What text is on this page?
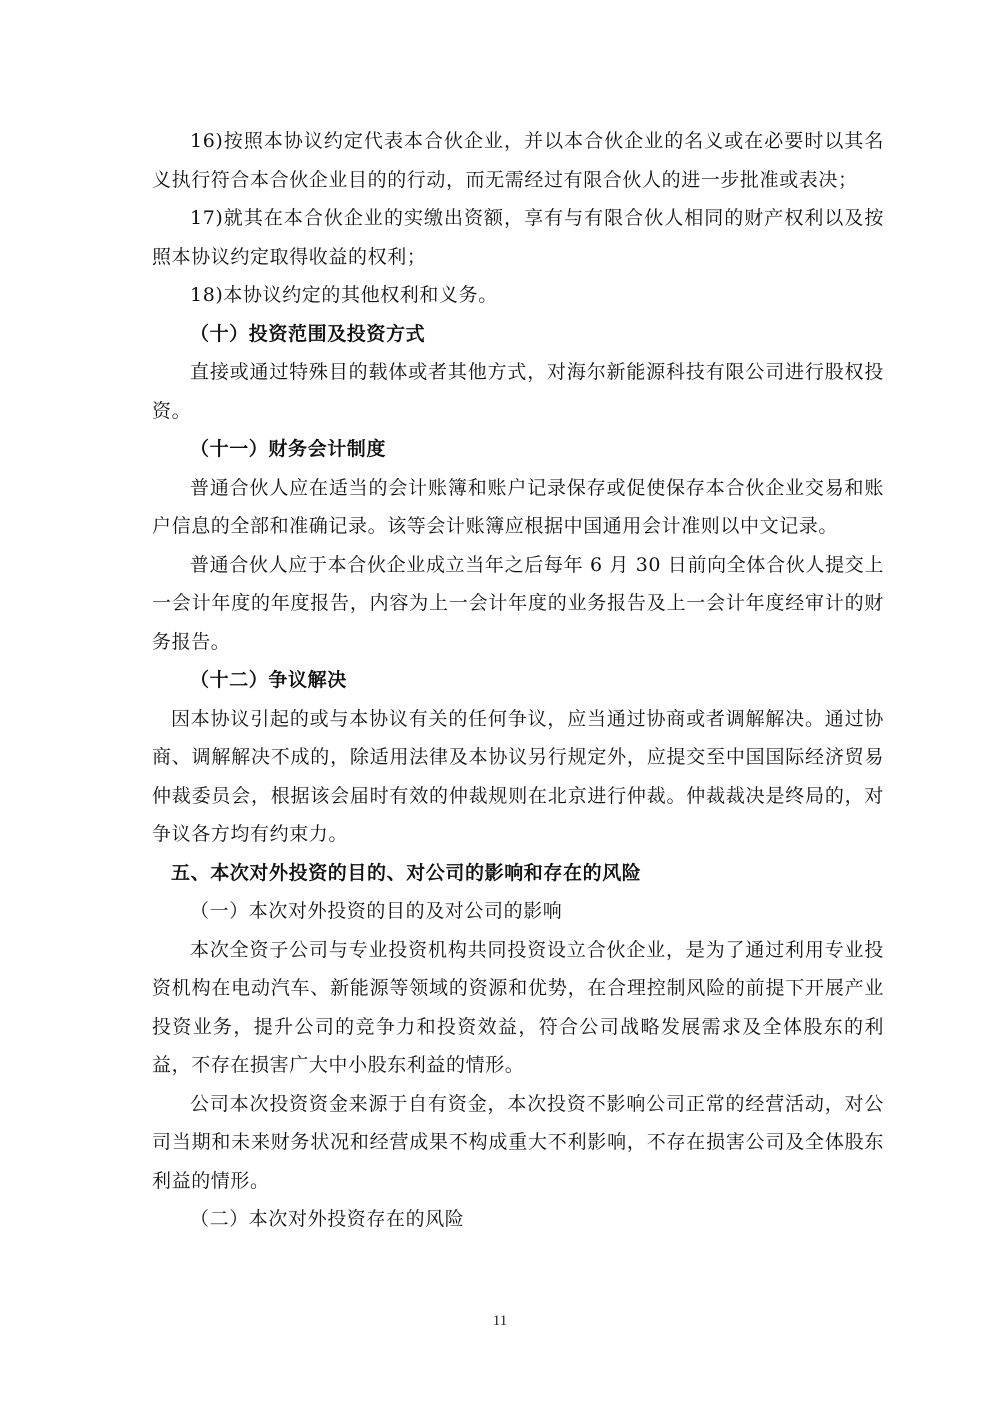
16)按照本协议约定代表本合伙企业，并以本合伙企业的名义或在必要时以其名义执行符合本合伙企业目的的行动，而无需经过有限合伙人的进一步批准或表决；

17)就其在本合伙企业的实缴出资额，享有与有限合伙人相同的财产权利以及按照本协议约定取得收益的权利；

18)本协议约定的其他权利和义务。

（十）投资范围及投资方式

直接或通过特殊目的载体或者其他方式，对海尔新能源科技有限公司进行股权投资。

（十一）财务会计制度

普通合伙人应在适当的会计账簿和账户记录保存或促使保存本合伙企业交易和账户信息的全部和准确记录。该等会计账簿应根据中国通用会计准则以中文记录。

普通合伙人应于本合伙企业成立当年之后每年 6 月 30 日前向全体合伙人提交上一会计年度的年度报告，内容为上一会计年度的业务报告及上一会计年度经审计的财务报告。

（十二）争议解决

因本协议引起的或与本协议有关的任何争议，应当通过协商或者调解解决。通过协商、调解解决不成的，除适用法律及本协议另行规定外，应提交至中国国际经济贸易仲裁委员会，根据该会届时有效的仲裁规则在北京进行仲裁。仲裁裁决是终局的，对争议各方均有约束力。

五、本次对外投资的目的、对公司的影响和存在的风险

（一）本次对外投资的目的及对公司的影响

本次全资子公司与专业投资机构共同投资设立合伙企业，是为了通过利用专业投资机构在电动汽车、新能源等领域的资源和优势，在合理控制风险的前提下开展产业投资业务，提升公司的竞争力和投资效益，符合公司战略发展需求及全体股东的利益，不存在损害广大中小股东利益的情形。

公司本次投资资金来源于自有资金，本次投资不影响公司正常的经营活动，对公司当期和未来财务状况和经营成果不构成重大不利影响，不存在损害公司及全体股东利益的情形。

（二）本次对外投资存在的风险

11
